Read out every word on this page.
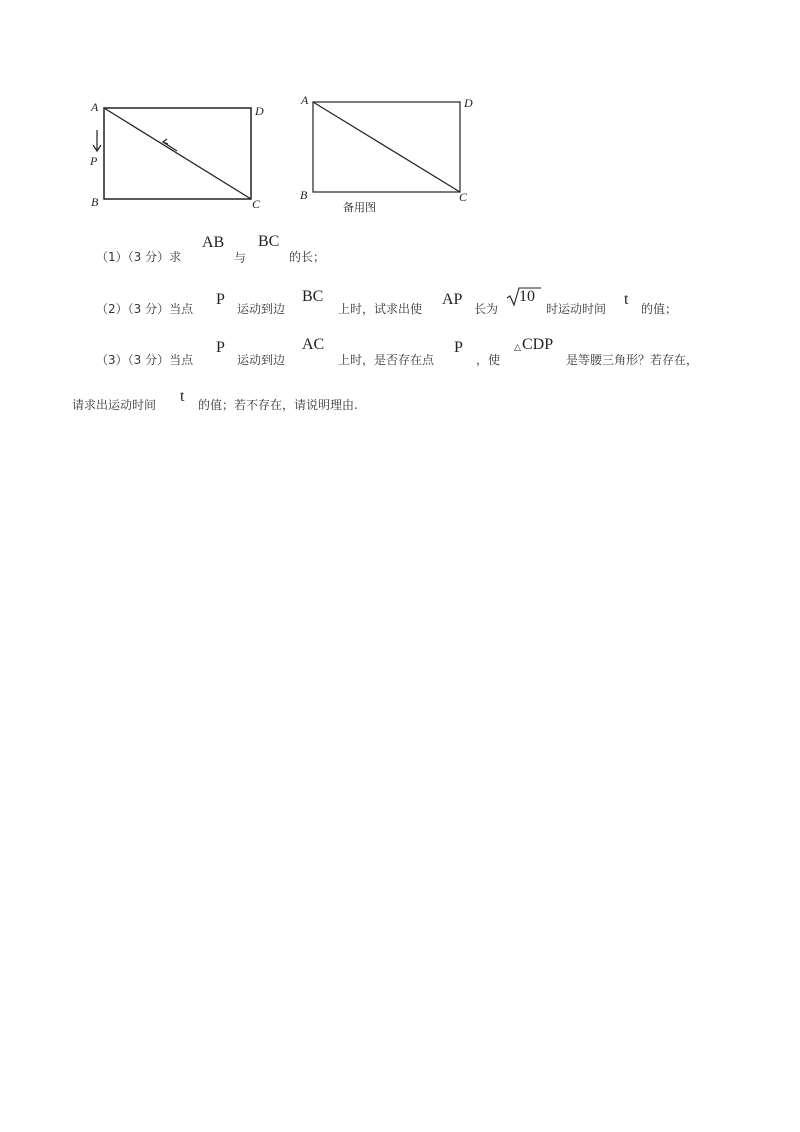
A	D
P
B	C
A	D
B	C
备用图
（1）（3 分）求
AB
与
BC
的长；
（2）（3 分）当点
P
运动到边
BC
上时，试求出使
AP
长为
10
时运动时间
t
的值；
（3）（3 分）当点
P
运动到边
AC
上时，是否存在点
P
，使
△ CDP
是等腰三角形？若存在，
请求出运动时间 t 的值；若不存在，请说明理由.
